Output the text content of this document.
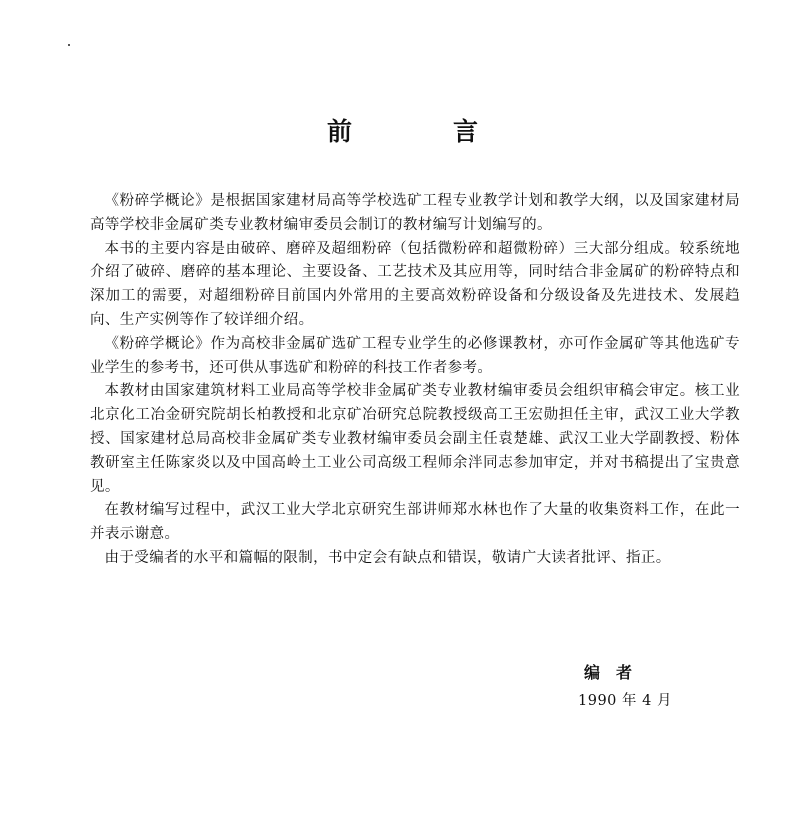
前　言

《粉碎学概论》是根据国家建材局高等学校选矿工程专业教学计划和教学大纲，以及国家建材局高等学校非金属矿类专业教材编审委员会制订的教材编写计划编写的。

本书的主要内容是由破碎、磨碎及超细粉碎（包括微粉碎和超微粉碎）三大部分组成。较系统地介绍了破碎、磨碎的基本理论、主要设备、工艺技术及其应用等，同时结合非金属矿的粉碎特点和深加工的需要，对超细粉碎目前国内外常用的主要高效粉碎设备和分级设备及先进技术、发展趋向、生产实例等作了较详细介绍。

《粉碎学概论》作为高校非金属矿选矿工程专业学生的必修课教材，亦可作金属矿等其他选矿专业学生的参考书，还可供从事选矿和粉碎的科技工作者参考。

本教材由国家建筑材料工业局高等学校非金属矿类专业教材编审委员会组织审稿会审定。核工业北京化工冶金研究院胡长柏教授和北京矿冶研究总院教授级高工王宏勋担任主审，武汉工业大学教授、国家建材总局高校非金属矿类专业教材编审委员会副主任袁楚雄、武汉工业大学副教授、粉体教研室主任陈家炎以及中国高岭土工业公司高级工程师余泮同志参加审定，并对书稿提出了宝贵意见。

在教材编写过程中，武汉工业大学北京研究生部讲师郑水林也作了大量的收集资料工作，在此一并表示谢意。

由于受编者的水平和篇幅的限制，书中定会有缺点和错误，敬请广大读者批评、指正。

编　者
1990 年 4 月
